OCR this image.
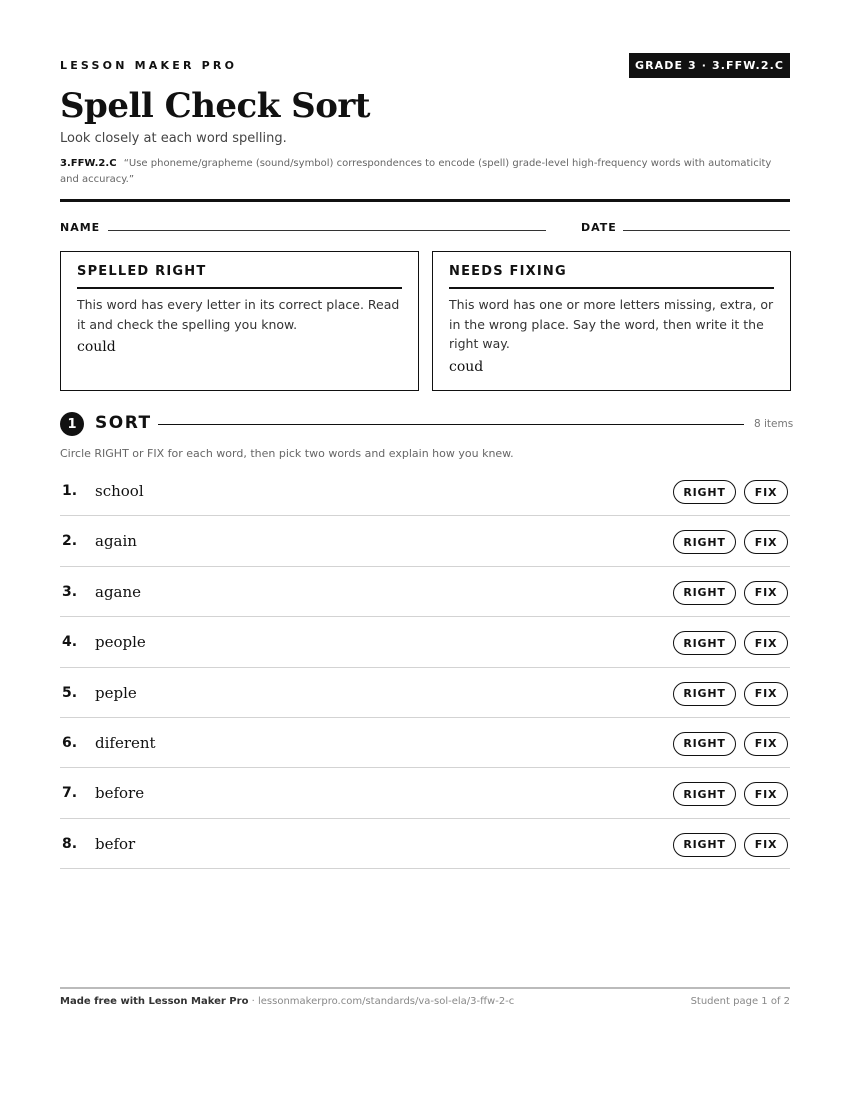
LESSON MAKER PRO	GRADE 3 · 3.FFW.2.C
Spell Check Sort
Look closely at each word spelling.
3.FFW.2.C “Use phoneme/grapheme (sound/symbol) correspondences to encode (spell) grade-level high-frequency words with automaticity and accuracy.”
NAME	DATE
SPELLED RIGHT
This word has every letter in its correct place. Read it and check the spelling you know.
could
NEEDS FIXING
This word has one or more letters missing, extra, or in the wrong place. Say the word, then write it the right way.
coud
1	SORT	8 items
Circle RIGHT or FIX for each word, then pick two words and explain how you knew.
1. school	RIGHT	FIX
2. again	RIGHT	FIX
3. agane	RIGHT	FIX
4. people	RIGHT	FIX
5. peple	RIGHT	FIX
6. diferent	RIGHT	FIX
7. before	RIGHT	FIX
8. befor	RIGHT	FIX
Made free with Lesson Maker Pro · lessonmakerpro.com/standards/va-sol-ela/3-ffw-2-c	Student page 1 of 2
